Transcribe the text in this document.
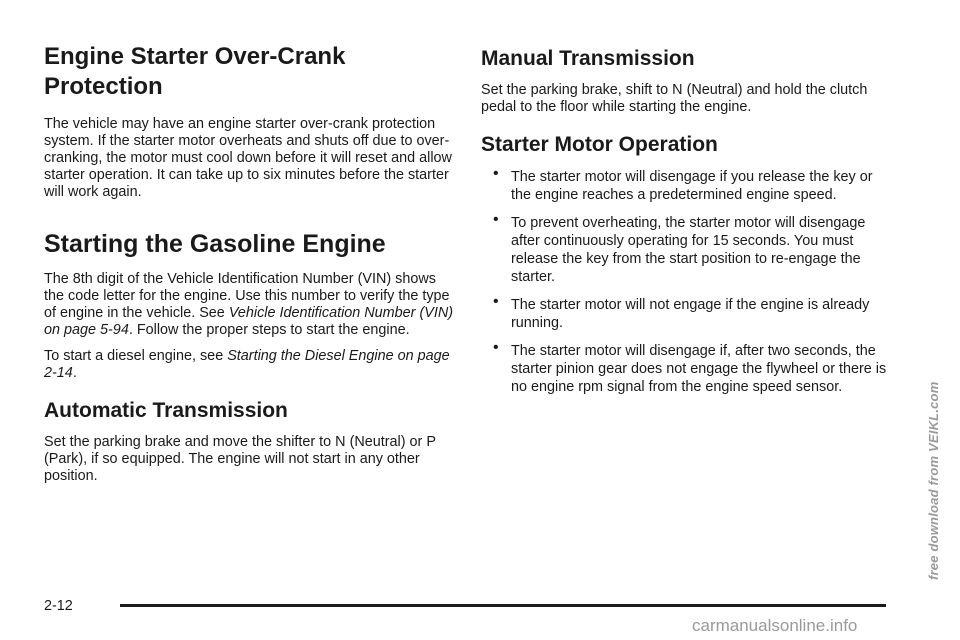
Engine Starter Over-Crank Protection

The vehicle may have an engine starter over-crank protection system. If the starter motor overheats and shuts off due to over-cranking, the motor must cool down before it will reset and allow starter operation. It can take up to six minutes before the starter will work again.

Starting the Gasoline Engine

The 8th digit of the Vehicle Identification Number (VIN) shows the code letter for the engine. Use this number to verify the type of engine in the vehicle. See Vehicle Identification Number (VIN) on page 5-94. Follow the proper steps to start the engine.

To start a diesel engine, see Starting the Diesel Engine on page 2-14.

Automatic Transmission

Set the parking brake and move the shifter to N (Neutral) or P (Park), if so equipped. The engine will not start in any other position.

Manual Transmission

Set the parking brake, shift to N (Neutral) and hold the clutch pedal to the floor while starting the engine.

Starter Motor Operation
• The starter motor will disengage if you release the key or the engine reaches a predetermined engine speed.
• To prevent overheating, the starter motor will disengage after continuously operating for 15 seconds. You must release the key from the start position to re-engage the starter.
• The starter motor will not engage if the engine is already running.
• The starter motor will disengage if, after two seconds, the starter pinion gear does not engage the flywheel or there is no engine rpm signal from the engine speed sensor.	free download from VEIKL.com
2-12
carmanualsonline.info
